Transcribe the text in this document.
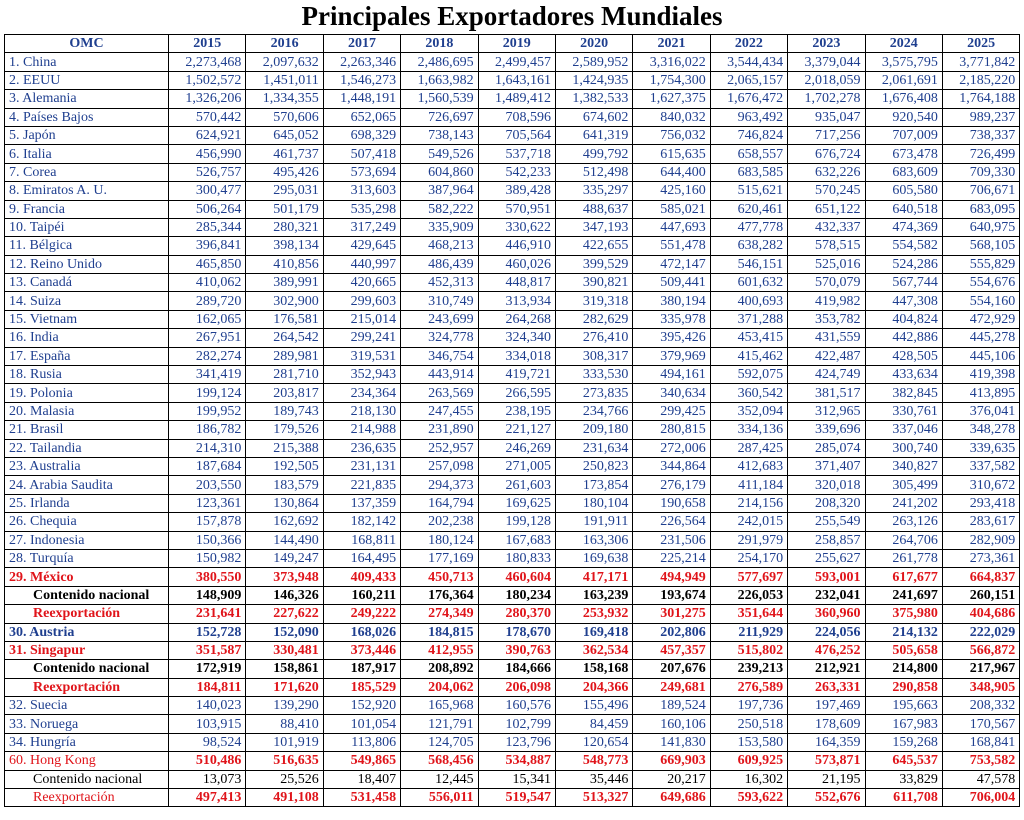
Principales Exportadores Mundiales
OMC	2015	2016	2017	2018	2019	2020	2021	2022	2023	2024	2025
1. China	2,273,468	2,097,632	2,263,346	2,486,695	2,499,457	2,589,952	3,316,022	3,544,434	3,379,044	3,575,795	3,771,842
2. EEUU	1,502,572	1,451,011	1,546,273	1,663,982	1,643,161	1,424,935	1,754,300	2,065,157	2,018,059	2,061,691	2,185,220
3. Alemania	1,326,206	1,334,355	1,448,191	1,560,539	1,489,412	1,382,533	1,627,375	1,676,472	1,702,278	1,676,408	1,764,188
4. Países Bajos	570,442	570,606	652,065	726,697	708,596	674,602	840,032	963,492	935,047	920,540	989,237
5. Japón	624,921	645,052	698,329	738,143	705,564	641,319	756,032	746,824	717,256	707,009	738,337
6. Italia	456,990	461,737	507,418	549,526	537,718	499,792	615,635	658,557	676,724	673,478	726,499
7. Corea	526,757	495,426	573,694	604,860	542,233	512,498	644,400	683,585	632,226	683,609	709,330
8. Emiratos A. U.	300,477	295,031	313,603	387,964	389,428	335,297	425,160	515,621	570,245	605,580	706,671
9. Francia	506,264	501,179	535,298	582,222	570,951	488,637	585,021	620,461	651,122	640,518	683,095
10. Taipéi	285,344	280,321	317,249	335,909	330,622	347,193	447,693	477,778	432,337	474,369	640,975
11. Bélgica	396,841	398,134	429,645	468,213	446,910	422,655	551,478	638,282	578,515	554,582	568,105
12. Reino Unido	465,850	410,856	440,997	486,439	460,026	399,529	472,147	546,151	525,016	524,286	555,829
13. Canadá	410,062	389,991	420,665	452,313	448,817	390,821	509,441	601,632	570,079	567,744	554,676
14. Suiza	289,720	302,900	299,603	310,749	313,934	319,318	380,194	400,693	419,982	447,308	554,160
15. Vietnam	162,065	176,581	215,014	243,699	264,268	282,629	335,978	371,288	353,782	404,824	472,929
16. India	267,951	264,542	299,241	324,778	324,340	276,410	395,426	453,415	431,559	442,886	445,278
17. España	282,274	289,981	319,531	346,754	334,018	308,317	379,969	415,462	422,487	428,505	445,106
18. Rusia	341,419	281,710	352,943	443,914	419,721	333,530	494,161	592,075	424,749	433,634	419,398
19. Polonia	199,124	203,817	234,364	263,569	266,595	273,835	340,634	360,542	381,517	382,845	413,895
20. Malasia	199,952	189,743	218,130	247,455	238,195	234,766	299,425	352,094	312,965	330,761	376,041
21. Brasil	186,782	179,526	214,988	231,890	221,127	209,180	280,815	334,136	339,696	337,046	348,278
22. Tailandia	214,310	215,388	236,635	252,957	246,269	231,634	272,006	287,425	285,074	300,740	339,635
23. Australia	187,684	192,505	231,131	257,098	271,005	250,823	344,864	412,683	371,407	340,827	337,582
24. Arabia Saudita	203,550	183,579	221,835	294,373	261,603	173,854	276,179	411,184	320,018	305,499	310,672
25. Irlanda	123,361	130,864	137,359	164,794	169,625	180,104	190,658	214,156	208,320	241,202	293,418
26. Chequia	157,878	162,692	182,142	202,238	199,128	191,911	226,564	242,015	255,549	263,126	283,617
27. Indonesia	150,366	144,490	168,811	180,124	167,683	163,306	231,506	291,979	258,857	264,706	282,909
28. Turquía	150,982	149,247	164,495	177,169	180,833	169,638	225,214	254,170	255,627	261,778	273,361
29. México	380,550	373,948	409,433	450,713	460,604	417,171	494,949	577,697	593,001	617,677	664,837
Contenido nacional	148,909	146,326	160,211	176,364	180,234	163,239	193,674	226,053	232,041	241,697	260,151
Reexportación	231,641	227,622	249,222	274,349	280,370	253,932	301,275	351,644	360,960	375,980	404,686
30. Austria	152,728	152,090	168,026	184,815	178,670	169,418	202,806	211,929	224,056	214,132	222,029
31. Singapur	351,587	330,481	373,446	412,955	390,763	362,534	457,357	515,802	476,252	505,658	566,872
Contenido nacional	172,919	158,861	187,917	208,892	184,666	158,168	207,676	239,213	212,921	214,800	217,967
Reexportación	184,811	171,620	185,529	204,062	206,098	204,366	249,681	276,589	263,331	290,858	348,905
32. Suecia	140,023	139,290	152,920	165,968	160,576	155,496	189,524	197,736	197,469	195,663	208,332
33. Noruega	103,915	88,410	101,054	121,791	102,799	84,459	160,106	250,518	178,609	167,983	170,567
34. Hungría	98,524	101,919	113,806	124,705	123,796	120,654	141,830	153,580	164,359	159,268	168,841
60. Hong Kong	510,486	516,635	549,865	568,456	534,887	548,773	669,903	609,925	573,871	645,537	753,582
Contenido nacional	13,073	25,526	18,407	12,445	15,341	35,446	20,217	16,302	21,195	33,829	47,578
Reexportación	497,413	491,108	531,458	556,011	519,547	513,327	649,686	593,622	552,676	611,708	706,004
